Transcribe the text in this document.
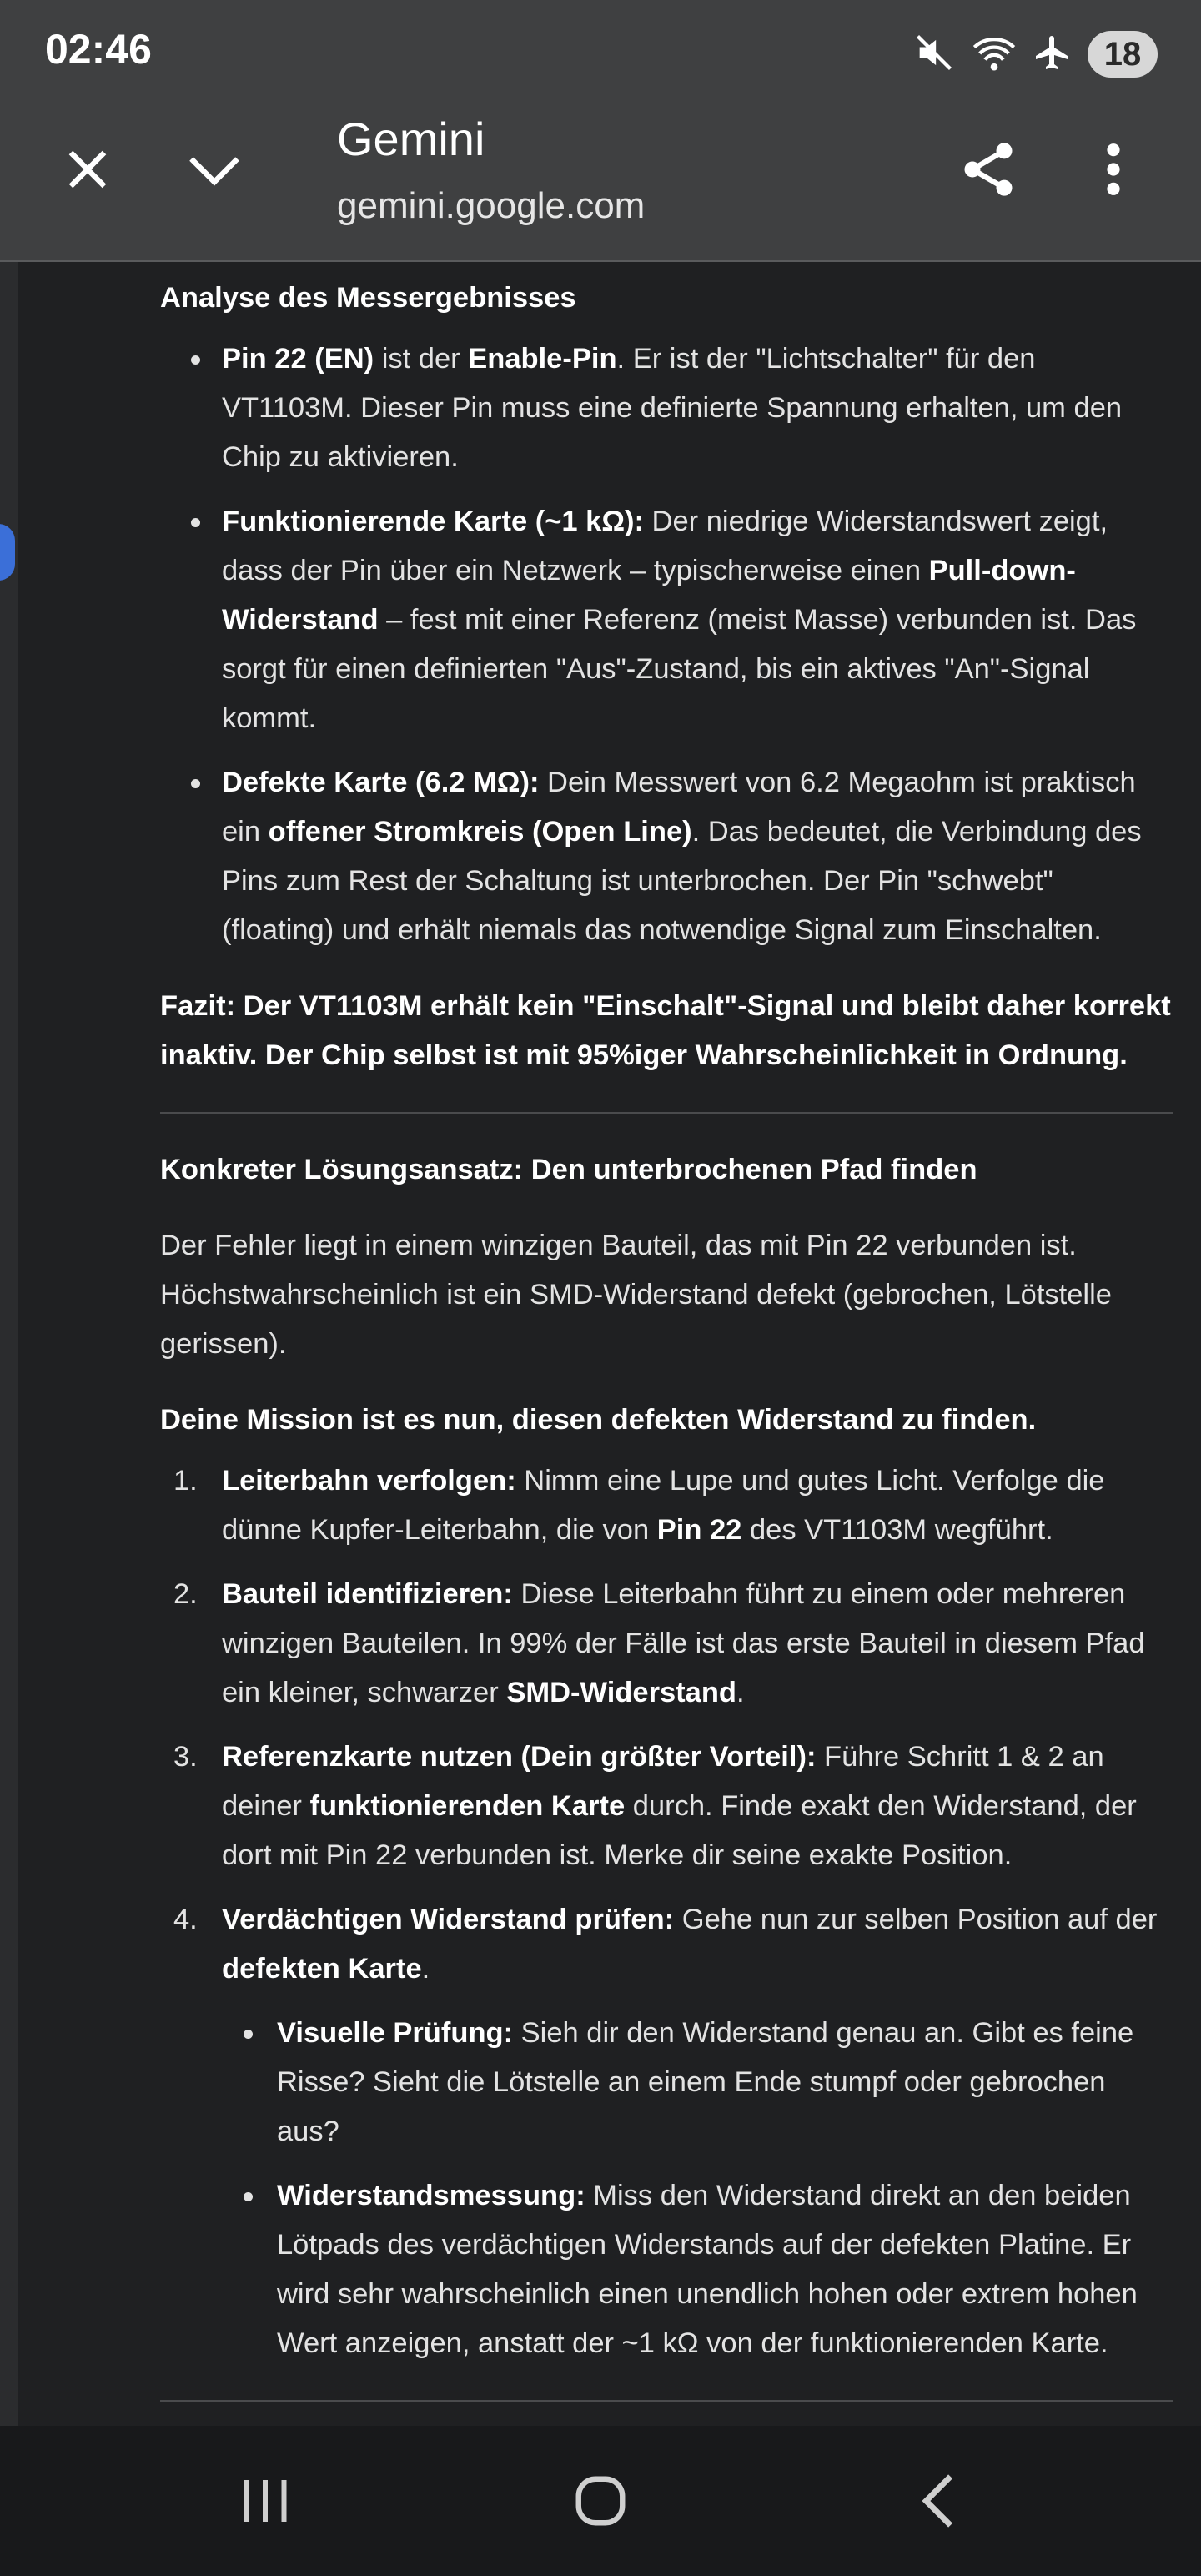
02:46	18
Gemini
gemini.google.com

Analyse des Messergebnisses

Pin 22 (EN) ist der Enable-Pin. Er ist der "Lichtschalter" für den VT1103M. Dieser Pin muss eine definierte Spannung erhalten, um den Chip zu aktivieren.
Funktionierende Karte (~1 kΩ): Der niedrige Widerstandswert zeigt, dass der Pin über ein Netzwerk – typischerweise einen Pull-down-Widerstand – fest mit einer Referenz (meist Masse) verbunden ist. Das sorgt für einen definierten "Aus"-Zustand, bis ein aktives "An"-Signal kommt.
Defekte Karte (6.2 MΩ): Dein Messwert von 6.2 Megaohm ist praktisch ein offener Stromkreis (Open Line). Das bedeutet, die Verbindung des Pins zum Rest der Schaltung ist unterbrochen. Der Pin "schwebt" (floating) und erhält niemals das notwendige Signal zum Einschalten.

Fazit: Der VT1103M erhält kein "Einschalt"-Signal und bleibt daher korrekt inaktiv. Der Chip selbst ist mit 95%iger Wahrscheinlichkeit in Ordnung.

Konkreter Lösungsansatz: Den unterbrochenen Pfad finden

Der Fehler liegt in einem winzigen Bauteil, das mit Pin 22 verbunden ist. Höchstwahrscheinlich ist ein SMD-Widerstand defekt (gebrochen, Lötstelle gerissen).

Deine Mission ist es nun, diesen defekten Widerstand zu finden.

1. Leiterbahn verfolgen: Nimm eine Lupe und gutes Licht. Verfolge die dünne Kupfer-Leiterbahn, die von Pin 22 des VT1103M wegführt.
2. Bauteil identifizieren: Diese Leiterbahn führt zu einem oder mehreren winzigen Bauteilen. In 99% der Fälle ist das erste Bauteil in diesem Pfad ein kleiner, schwarzer SMD-Widerstand.
3. Referenzkarte nutzen (Dein größter Vorteil): Führe Schritt 1 & 2 an deiner funktionierenden Karte durch. Finde exakt den Widerstand, der dort mit Pin 22 verbunden ist. Merke dir seine exakte Position.
4. Verdächtigen Widerstand prüfen: Gehe nun zur selben Position auf der defekten Karte.
Visuelle Prüfung: Sieh dir den Widerstand genau an. Gibt es feine Risse? Sieht die Lötstelle an einem Ende stumpf oder gebrochen aus?
Widerstandsmessung: Miss den Widerstand direkt an den beiden Lötpads des verdächtigen Widerstands auf der defekten Platine. Er wird sehr wahrscheinlich einen unendlich hohen oder extrem hohen Wert anzeigen, anstatt der ~1 kΩ von der funktionierenden Karte.
